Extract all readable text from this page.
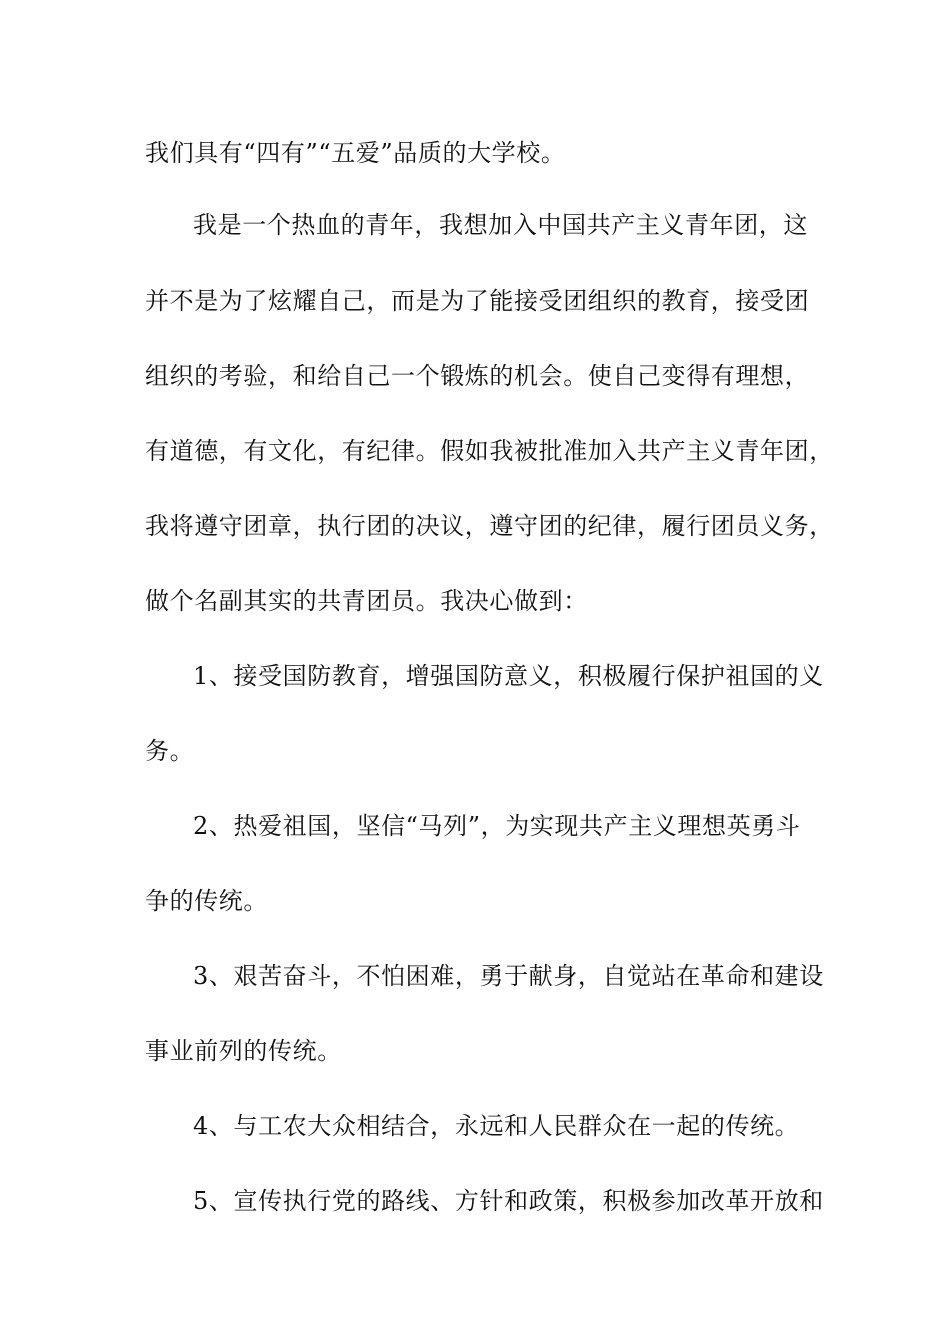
我们具有“四有”“五爱”品质的大学校。
我是一个热血的青年，我想加入中国共产主义青年团，这
并不是为了炫耀自己，而是为了能接受团组织的教育，接受团
组织的考验，和给自己一个锻炼的机会。使自己变得有理想，
有道德，有文化，有纪律。假如我被批准加入共产主义青年团，
我将遵守团章，执行团的决议，遵守团的纪律，履行团员义务，
做个名副其实的共青团员。我决心做到：
1、接受国防教育，增强国防意义，积极履行保护祖国的义
务。
2、热爱祖国，坚信“马列”，为实现共产主义理想英勇斗
争的传统。
3、艰苦奋斗，不怕困难，勇于献身，自觉站在革命和建设
事业前列的传统。
4、与工农大众相结合，永远和人民群众在一起的传统。
5、宣传执行党的路线、方针和政策，积极参加改革开放和
